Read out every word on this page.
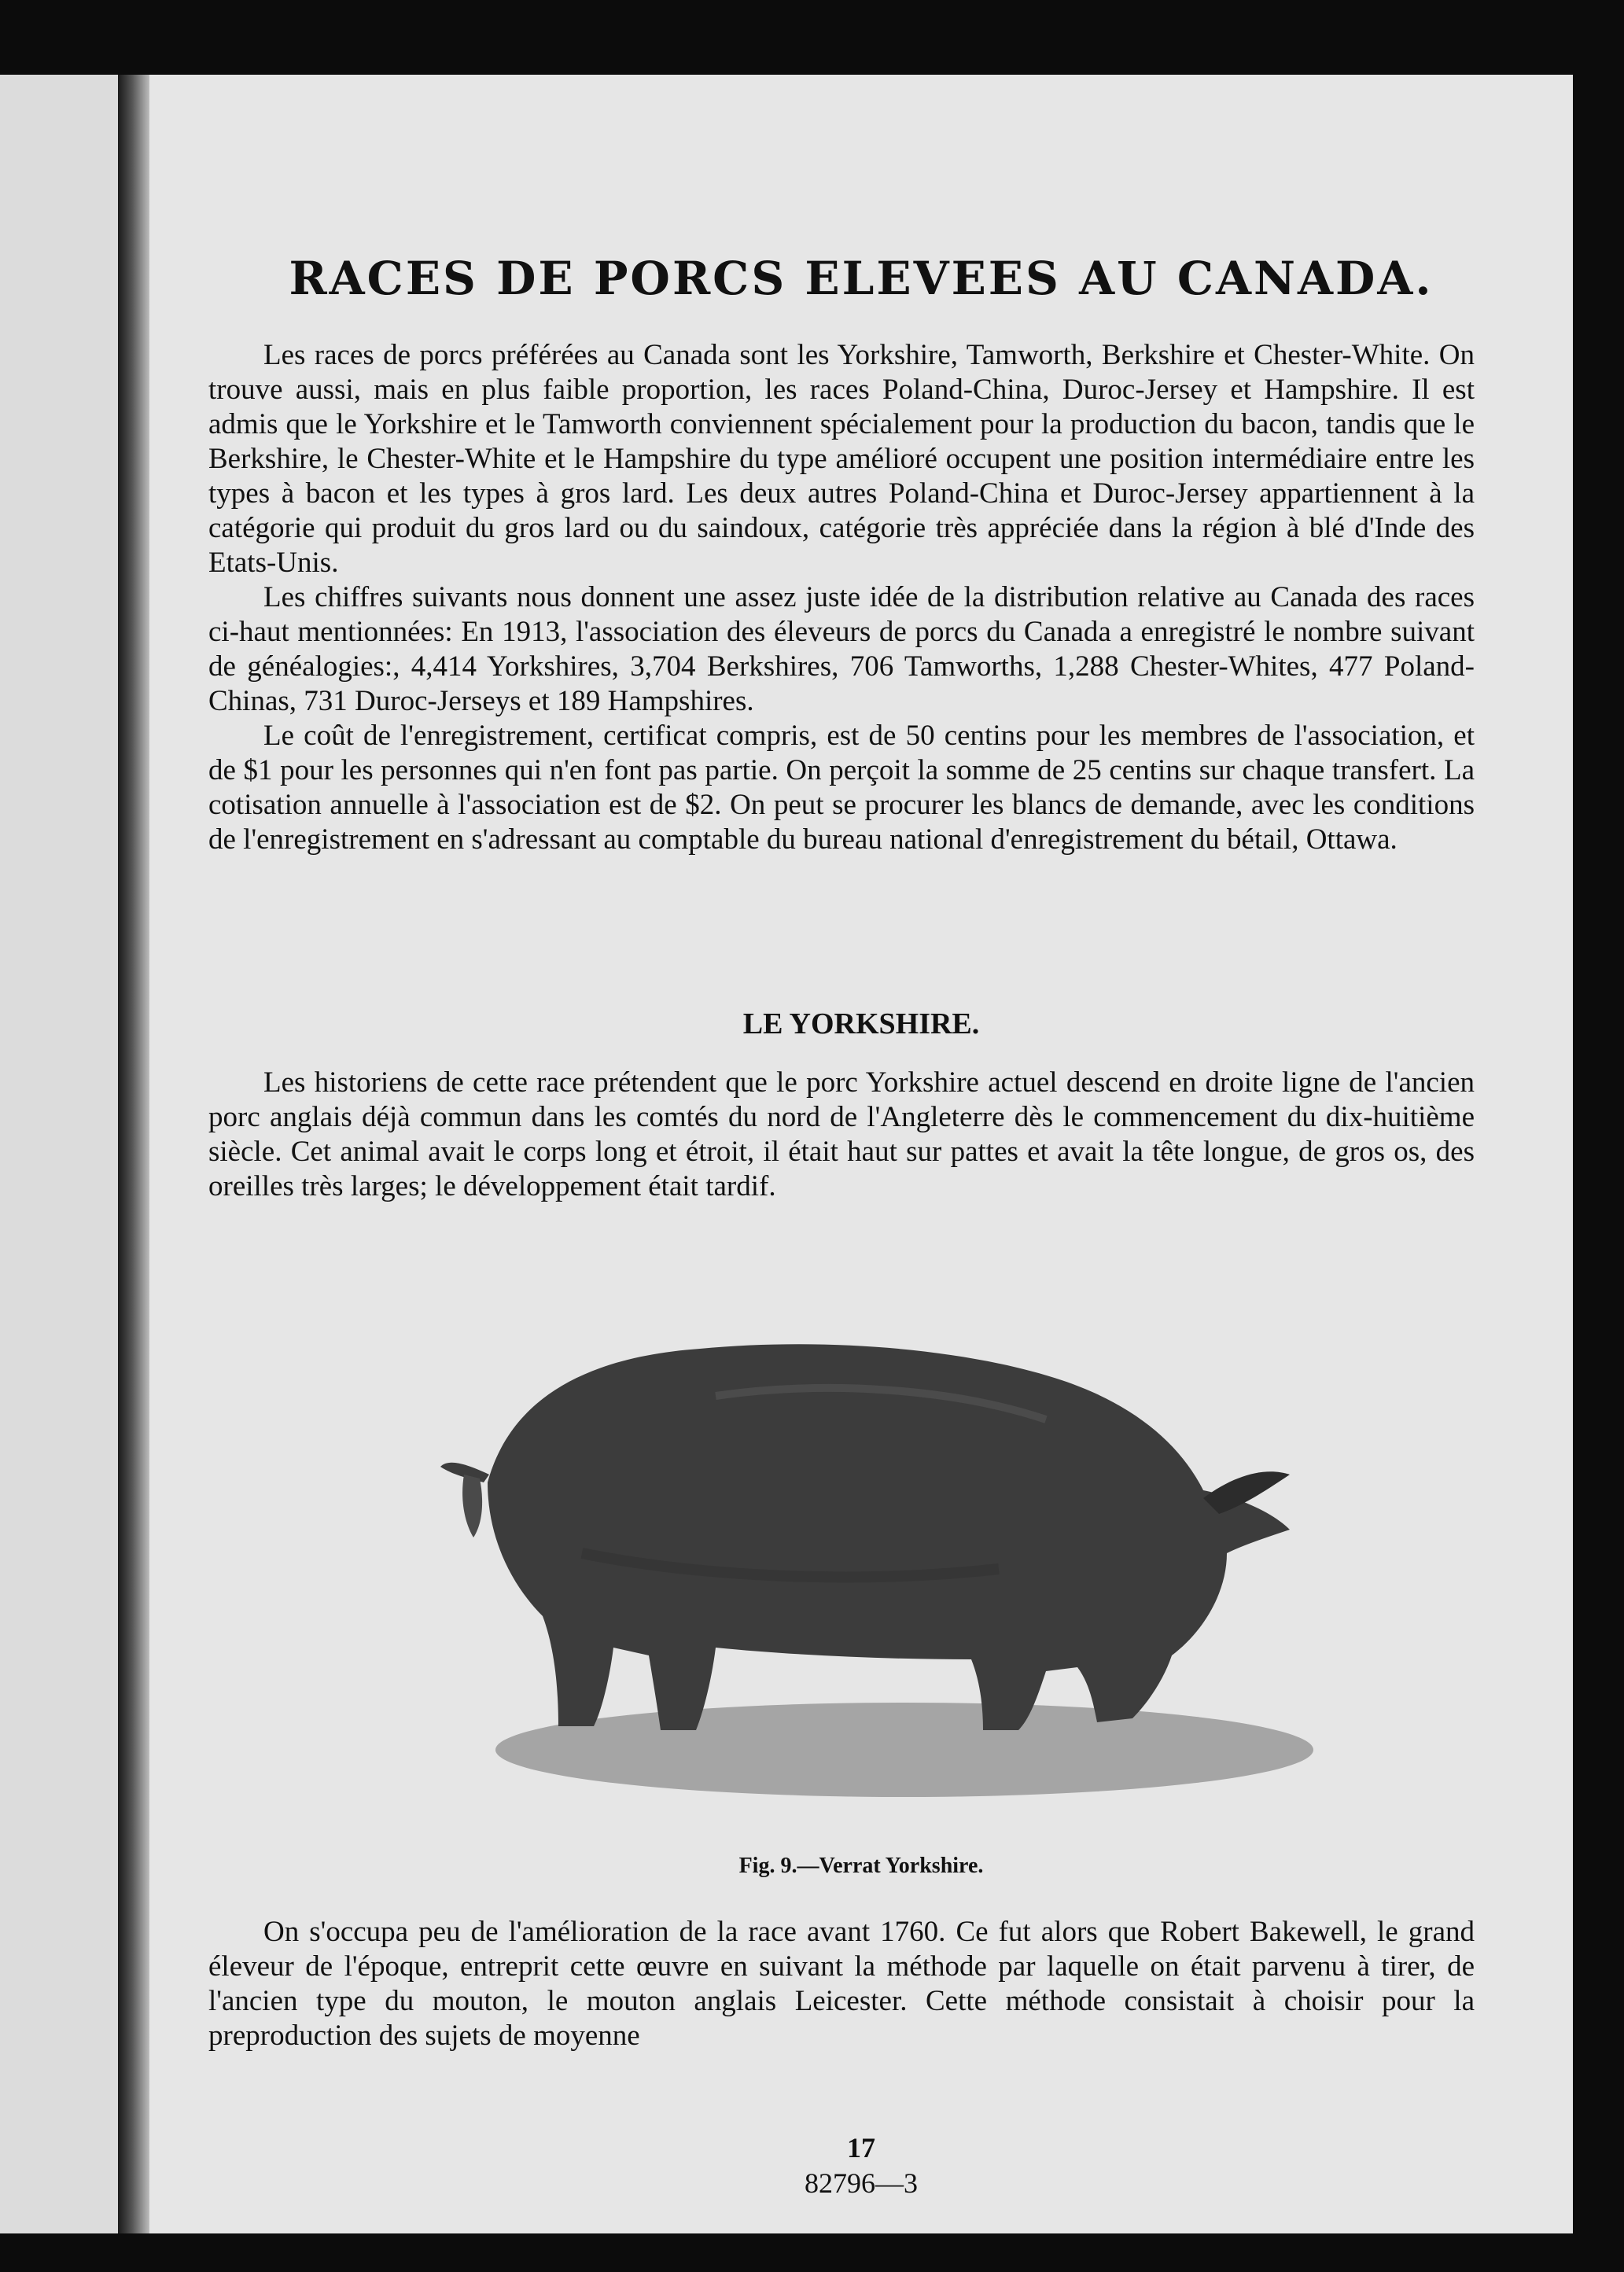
RACES DE PORCS ELEVEES AU CANADA.

Les races de porcs préférées au Canada sont les Yorkshire, Tamworth, Berkshire et Chester-White. On trouve aussi, mais en plus faible proportion, les races Poland-China, Duroc-Jersey et Hampshire. Il est admis que le Yorkshire et le Tamworth conviennent spécialement pour la production du bacon, tandis que le Berkshire, le Chester-White et le Hampshire du type amélioré occupent une position intermédiaire entre les types à bacon et les types à gros lard. Les deux autres Poland-China et Duroc-Jersey appartiennent à la catégorie qui produit du gros lard ou du saindoux, catégorie très appréciée dans la région à blé d'Inde des Etats-Unis.

Les chiffres suivants nous donnent une assez juste idée de la distribution relative au Canada des races ci-haut mentionnées: En 1913, l'association des éleveurs de porcs du Canada a enregistré le nombre suivant de généalogies:, 4,414 Yorkshires, 3,704 Berkshires, 706 Tamworths, 1,288 Chester-Whites, 477 Poland-Chinas, 731 Duroc-Jerseys et 189 Hampshires.

Le coût de l'enregistrement, certificat compris, est de 50 centins pour les membres de l'association, et de $1 pour les personnes qui n'en font pas partie. On perçoit la somme de 25 centins sur chaque transfert. La cotisation annuelle à l'association est de $2. On peut se procurer les blancs de demande, avec les conditions de l'enregistrement en s'adressant au comptable du bureau national d'enregistrement du bétail, Ottawa.

LE YORKSHIRE.

Les historiens de cette race prétendent que le porc Yorkshire actuel descend en droite ligne de l'ancien porc anglais déjà commun dans les comtés du nord de l'Angleterre dès le commencement du dix-huitième siècle. Cet animal avait le corps long et étroit, il était haut sur pattes et avait la tête longue, de gros os, des oreilles très larges; le développement était tardif.

Fig. 9.—Verrat Yorkshire.

On s'occupa peu de l'amélioration de la race avant 1760. Ce fut alors que Robert Bakewell, le grand éleveur de l'époque, entreprit cette œuvre en suivant la méthode par laquelle on était parvenu à tirer, de l'ancien type du mouton, le mouton anglais Leicester. Cette méthode consistait à choisir pour la preproduction des sujets de moyenne

17
82796—3
